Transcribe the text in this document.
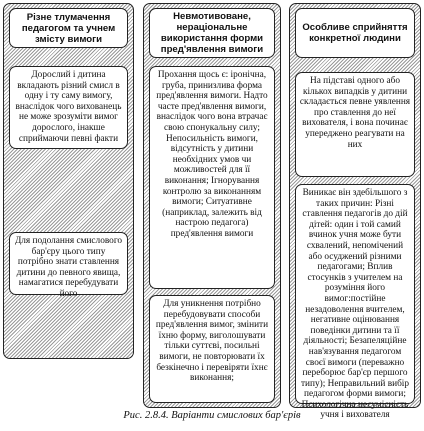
Різне тлумачення педагогом та учнем змісту вимоги
Дорослий і дитина вкладають різний смисл в одну і ту саму вимогу, внаслідок чого вихованець не може зрозуміти вимог дорослого, інакше сприймаючи певні факти
Для подолання смислового бар'єру цього типу потрібно знати ставлення дитини до певного явища, намагатися перебудувати його
Невмотивоване, нераціональне використання форми пред'явлення вимоги
Прохання щось є: іронічна, груба, принизлива форма пред'явлення вимоги. Надто часте пред'явлення вимоги, внаслідок чого вона втрачає свою спонукальну силу; Непосильність вимоги, відсутність у дитини необхідних умов чи можливостей для її виконання; Ігнорування контролю за виконанням вимоги; Ситуативне (наприклад, залежить від настрою педагога) пред'явлення вимоги
Для уникнення потрібно перебудовувати способи пред'явлення вимог, змінити їхню форму, виголошувати тільки суттєві, посильні вимоги, не повторювати їх безкінечно і перевіряти їхнє виконання;
Особливе сприйняття конкретної людини
На підставі одного або кількох випадків у дитини складається певне уявлення про ставлення до неї вихователя, і вона починає упереджено реагувати на них
Виникає він здебільшого з таких причин: Різні ставлення педагогів до дій дітей: один і той самий вчинок учня може бути схвалений, непомічений або осуджений різними педагогами; Вплив стосунків з учителем на розуміння його вимог:постійне незадоволення вчителем, негативне оцінювання поведінки дитини та її діяльності; Безапеляційне нав'язування педагогом своєї вимоги (переважно переборює бар'єр першого типу); Неправильний вибір педагогом форми вимоги; Психологічна несумісність учня і вихователя
Рис. 2.8.4. Варіанти смислових бар'єрів
